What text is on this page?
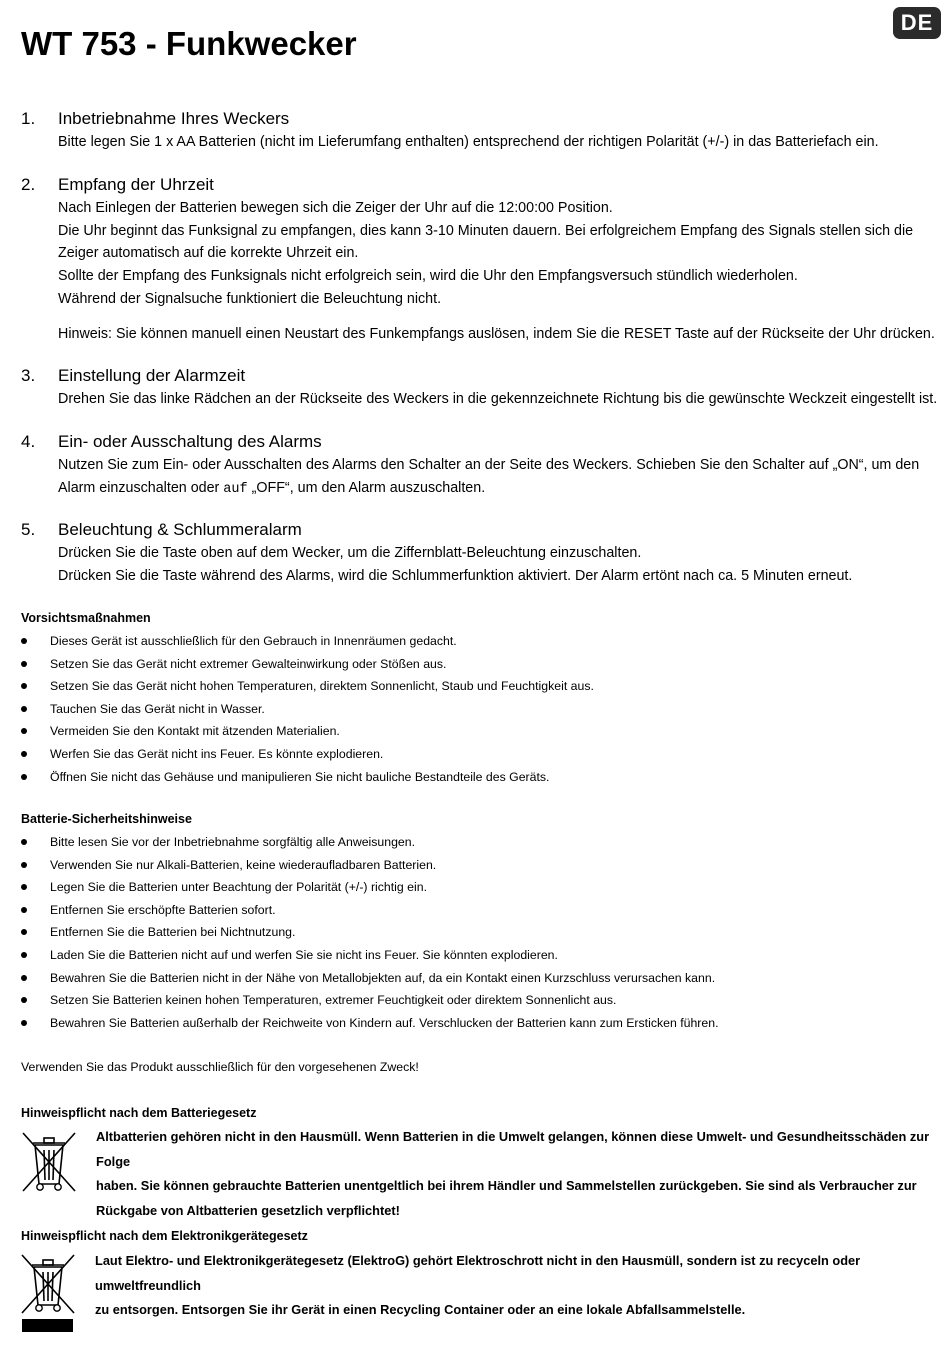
DE
WT 753 - Funkwecker
1. Inbetriebnahme Ihres Weckers
Bitte legen Sie 1 x AA Batterien (nicht im Lieferumfang enthalten) entsprechend der richtigen Polarität (+/-) in das Batteriefach ein.
2. Empfang der Uhrzeit
Nach Einlegen der Batterien bewegen sich die Zeiger der Uhr auf die 12:00:00 Position.
Die Uhr beginnt das Funksignal zu empfangen, dies kann 3-10 Minuten dauern. Bei erfolgreichem Empfang des Signals stellen sich die
Zeiger automatisch auf die korrekte Uhrzeit ein.
Sollte der Empfang des Funksignals nicht erfolgreich sein, wird die Uhr den Empfangsversuch stündlich wiederholen.
Während der Signalsuche funktioniert die Beleuchtung nicht.
Hinweis: Sie können manuell einen Neustart des Funkempfangs auslösen, indem Sie die RESET Taste auf der Rückseite der Uhr drücken.
3. Einstellung der Alarmzeit
Drehen Sie das linke Rädchen an der Rückseite des Weckers in die gekennzeichnete Richtung bis die gewünschte Weckzeit eingestellt ist.
4. Ein- oder Ausschaltung des Alarms
Nutzen Sie zum Ein- oder Ausschalten des Alarms den Schalter an der Seite des Weckers. Schieben Sie den Schalter auf „ON“, um den
Alarm einzuschalten oder auf „OFF“, um den Alarm auszuschalten.
5. Beleuchtung & Schlummeralarm
Drücken Sie die Taste oben auf dem Wecker, um die Ziffernblatt-Beleuchtung einzuschalten.
Drücken Sie die Taste während des Alarms, wird die Schlummerfunktion aktiviert. Der Alarm ertönt nach ca. 5 Minuten erneut.
Vorsichtsmaßnahmen
Dieses Gerät ist ausschließlich für den Gebrauch in Innenräumen gedacht.
Setzen Sie das Gerät nicht extremer Gewalteinwirkung oder Stößen aus.
Setzen Sie das Gerät nicht hohen Temperaturen, direktem Sonnenlicht, Staub und Feuchtigkeit aus.
Tauchen Sie das Gerät nicht in Wasser.
Vermeiden Sie den Kontakt mit ätzenden Materialien.
Werfen Sie das Gerät nicht ins Feuer. Es könnte explodieren.
Öffnen Sie nicht das Gehäuse und manipulieren Sie nicht bauliche Bestandteile des Geräts.
Batterie-Sicherheitshinweise
Bitte lesen Sie vor der Inbetriebnahme sorgfältig alle Anweisungen.
Verwenden Sie nur Alkali-Batterien, keine wiederaufladbaren Batterien.
Legen Sie die Batterien unter Beachtung der Polarität (+/-) richtig ein.
Entfernen Sie erschöpfte Batterien sofort.
Entfernen Sie die Batterien bei Nichtnutzung.
Laden Sie die Batterien nicht auf und werfen Sie sie nicht ins Feuer. Sie könnten explodieren.
Bewahren Sie die Batterien nicht in der Nähe von Metallobjekten auf, da ein Kontakt einen Kurzschluss verursachen kann.
Setzen Sie Batterien keinen hohen Temperaturen, extremer Feuchtigkeit oder direktem Sonnenlicht aus.
Bewahren Sie Batterien außerhalb der Reichweite von Kindern auf. Verschlucken der Batterien kann zum Ersticken führen.
Verwenden Sie das Produkt ausschließlich für den vorgesehenen Zweck!
Hinweispflicht nach dem Batteriegesetz
Altbatterien gehören nicht in den Hausmüll. Wenn Batterien in die Umwelt gelangen, können diese Umwelt- und Gesundheitsschäden zur Folge
haben. Sie können gebrauchte Batterien unentgeltlich bei ihrem Händler und Sammelstellen zurückgeben. Sie sind als Verbraucher zur
Rückgabe von Altbatterien gesetzlich verpflichtet!
Hinweispflicht nach dem Elektronikgerätegesetz
Laut Elektro- und Elektronikgerätegesetz (ElektroG) gehört Elektroschrott nicht in den Hausmüll, sondern ist zu recyceln oder umweltfreundlich
zu entsorgen. Entsorgen Sie ihr Gerät in einen Recycling Container oder an eine lokale Abfallsammelstelle.
